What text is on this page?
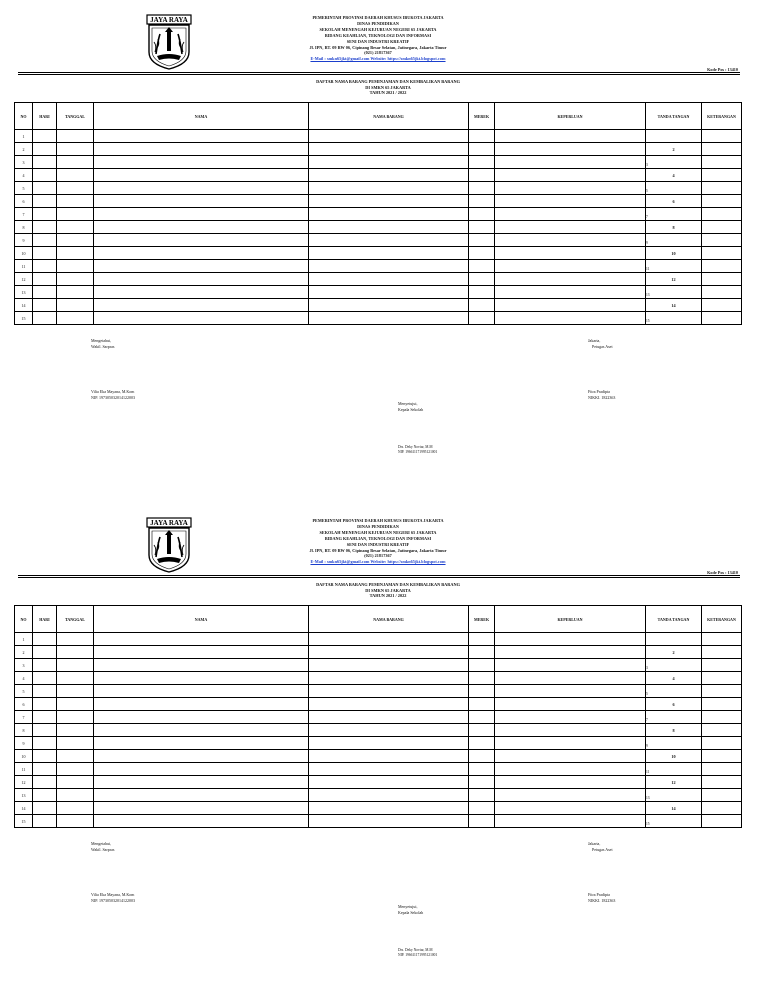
JAYA RAYA	PEMERINTAH PROVINSI DAERAH KHUSUS IBUKOTA JAKARTA
DINAS PENDIDIKAN
SEKOLAH MENENGAH KEJURUAN NEGERI 65 JAKARTA
BIDANG KEAHLIAN, TEKNOLOGI DAN INFORMASI
SENI DAN INDUSTRI KREATIF
Jl. IPN, RT. 09 RW 06, Cipinang Besar Selatan, Jatinegara, Jakarta Timur
(021) 21817367
E-Mail : smkn65jkt@gmail.com Website: https://smkn65jkt.blogspot.com
Kode Pos : 13410
DAFTAR NAMA BARANG PEMINJAMAN DAN KEMBALIKAN BARANG
DI SMKN 65 JAKARTA
TAHUN 2021 / 2022
NO	HARI	TANGGAL	NAMA	NAMA BARANG	MEREK	KEPERLUAN	TANDA TANGAN	KETERANGAN
1								
2							2	
3							3	

4							4	
5							5	

6							6	
7							7	

8							8	
9							9	

10							10	
11							11	

12							12	
13							13	

14							14	
15							15	

Mengetahui,
Wakil. Sarpras
Vilia Eka Mayana, M.Kom
NIP. 197305032014122003
Jakarta,
Petugas Aset
Fitra Pradipta
NIKKI. 1822363
Menyetujui,
Kepala Sekolah
Drs. Deky Noviar, M.M
NIP. 196611171995121001
JAYA RAYA	PEMERINTAH PROVINSI DAERAH KHUSUS IBUKOTA JAKARTA
DINAS PENDIDIKAN
SEKOLAH MENENGAH KEJURUAN NEGERI 65 JAKARTA
BIDANG KEAHLIAN, TEKNOLOGI DAN INFORMASI
SENI DAN INDUSTRI KREATIF
Jl. IPN, RT. 09 RW 06, Cipinang Besar Selatan, Jatinegara, Jakarta Timur
(021) 21817367
E-Mail : smkn65jkt@gmail.com Website: https://smkn65jkt.blogspot.com
Kode Pos : 13410
DAFTAR NAMA BARANG PEMINJAMAN DAN KEMBALIKAN BARANG
DI SMKN 65 JAKARTA
TAHUN 2021 / 2022
NO	HARI	TANGGAL	NAMA	NAMA BARANG	MEREK	KEPERLUAN	TANDA TANGAN	KETERANGAN
1								
2							2	
3							3	

4							4	
5							5	

6							6	
7							7	

8							8	
9							9	

10							10	
11							11	

12							12	
13							13	

14							14	
15							15	

Mengetahui,
Wakil. Sarpras
Vilia Eka Mayana, M.Kom
NIP. 197305032014122003
Jakarta,
Petugas Aset
Fitra Pradipta
NIKKI. 1822363
Menyetujui,
Kepala Sekolah
Drs. Deky Noviar, M.M
NIP. 196611171995121001
